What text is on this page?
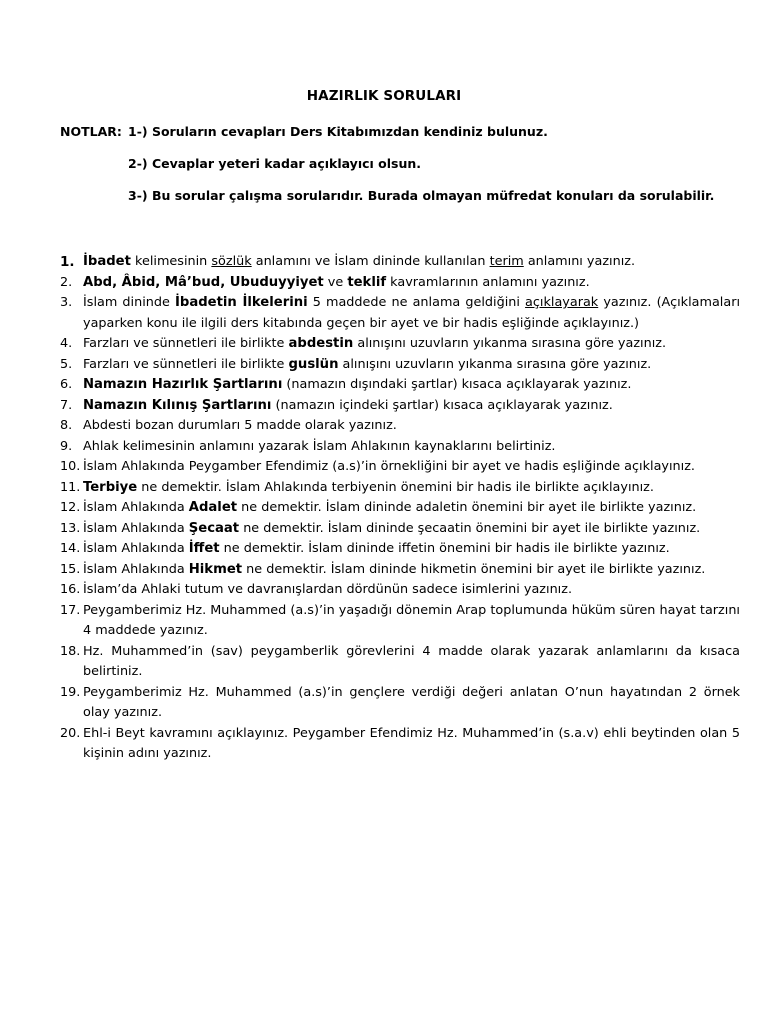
HAZIRLIK SORULARI
NOTLAR: 1-) Soruların cevapları Ders Kitabımızdan kendiniz bulunuz.
2-) Cevaplar yeteri kadar açıklayıcı olsun.
3-) Bu sorular çalışma sorularıdır. Burada olmayan müfredat konuları da sorulabilir.
1. İbadet kelimesinin sözlük anlamını ve İslam dininde kullanılan terim anlamını yazınız.
2. Abd, Âbid, Mâ’bud, Ubuduyyiyet ve teklif kavramlarının anlamını yazınız.
3. İslam dininde İbadetin İlkelerini 5 maddede ne anlama geldiğini açıklayarak yazınız. (Açıklamaları yaparken konu ile ilgili ders kitabında geçen bir ayet ve bir hadis eşliğinde açıklayınız.)
4. Farzları ve sünnetleri ile birlikte abdestin alınışını uzuvların yıkanma sırasına göre yazınız.
5. Farzları ve sünnetleri ile birlikte guslün alınışını uzuvların yıkanma sırasına göre yazınız.
6. Namazın Hazırlık Şartlarını (namazın dışındaki şartlar) kısaca açıklayarak yazınız.
7. Namazın Kılınış Şartlarını (namazın içindeki şartlar) kısaca açıklayarak yazınız.
8. Abdesti bozan durumları 5 madde olarak yazınız.
9. Ahlak kelimesinin anlamını yazarak İslam Ahlakının kaynaklarını belirtiniz.
10. İslam Ahlakında Peygamber Efendimiz (a.s)’in örnekliğini bir ayet ve hadis eşliğinde açıklayınız.
11. Terbiye ne demektir. İslam Ahlakında terbiyenin önemini bir hadis ile birlikte açıklayınız.
12. İslam Ahlakında Adalet ne demektir. İslam dininde adaletin önemini bir ayet ile birlikte yazınız.
13. İslam Ahlakında Şecaat ne demektir. İslam dininde şecaatin önemini bir ayet ile birlikte yazınız.
14. İslam Ahlakında İffet ne demektir. İslam dininde iffetin önemini bir hadis ile birlikte yazınız.
15. İslam Ahlakında Hikmet ne demektir. İslam dininde hikmetin önemini bir ayet ile birlikte yazınız.
16. İslam’da Ahlaki tutum ve davranışlardan dördünün sadece isimlerini yazınız.
17. Peygamberimiz Hz. Muhammed (a.s)’in yaşadığı dönemin Arap toplumunda hüküm süren hayat tarzını 4 maddede yazınız.
18. Hz. Muhammed’in (sav) peygamberlik görevlerini 4 madde olarak yazarak anlamlarını da kısaca belirtiniz.
19. Peygamberimiz Hz. Muhammed (a.s)’in gençlere verdiği değeri anlatan O’nun hayatından 2 örnek olay yazınız.
20. Ehl-i Beyt kavramını açıklayınız. Peygamber Efendimiz Hz. Muhammed’in (s.a.v) ehli beytinden olan 5 kişinin adını yazınız.
